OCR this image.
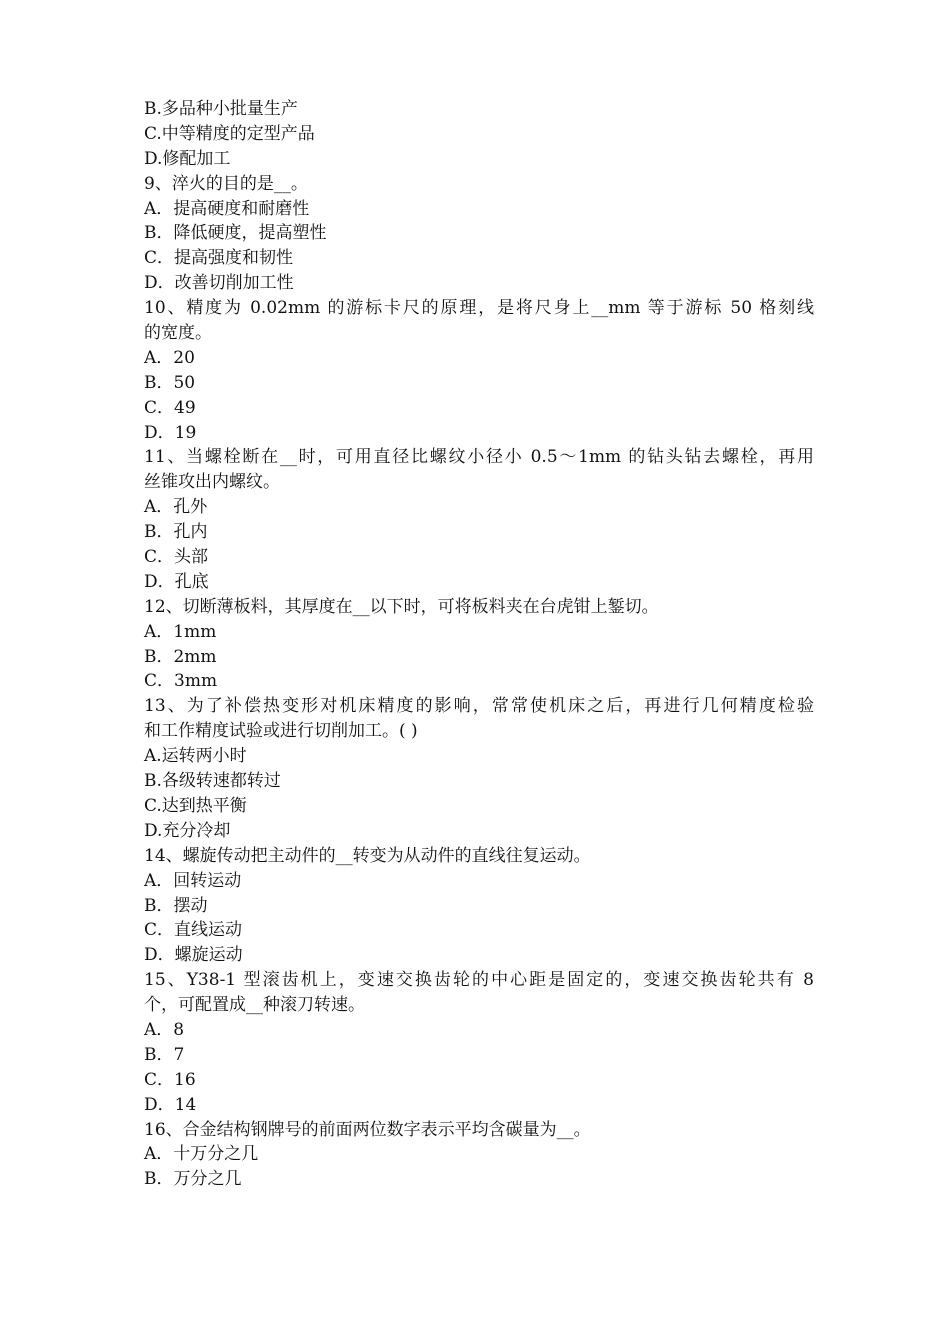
B.多品种小批量生产
C.中等精度的定型产品
D.修配加工
9、淬火的目的是__。
A．提高硬度和耐磨性
B．降低硬度，提高塑性
C．提高强度和韧性
D．改善切削加工性
10、精度为 0.02mm 的游标卡尺的原理，是将尺身上__mm 等于游标 50 格刻线
的宽度。
A．20
B．50
C．49
D．19
11、当螺栓断在__时，可用直径比螺纹小径小 0.5～1mm 的钻头钻去螺栓，再用
丝锥攻出内螺纹。
A．孔外
B．孔内
C．头部
D．孔底
12、切断薄板料，其厚度在__以下时，可将板料夹在台虎钳上錾切。
A．1mm
B．2mm
C．3mm
13、为了补偿热变形对机床精度的影响，常常使机床之后，再进行几何精度检验
和工作精度试验或进行切削加工。( )
A.运转两小时
B.各级转速都转过
C.达到热平衡
D.充分冷却
14、螺旋传动把主动件的__转变为从动件的直线往复运动。
A．回转运动
B．摆动
C．直线运动
D．螺旋运动
15、Y38-1 型滚齿机上，变速交换齿轮的中心距是固定的，变速交换齿轮共有 8
个，可配置成__种滚刀转速。
A．8
B．7
C．16
D．14
16、合金结构钢牌号的前面两位数字表示平均含碳量为__。
A．十万分之几
B．万分之几
